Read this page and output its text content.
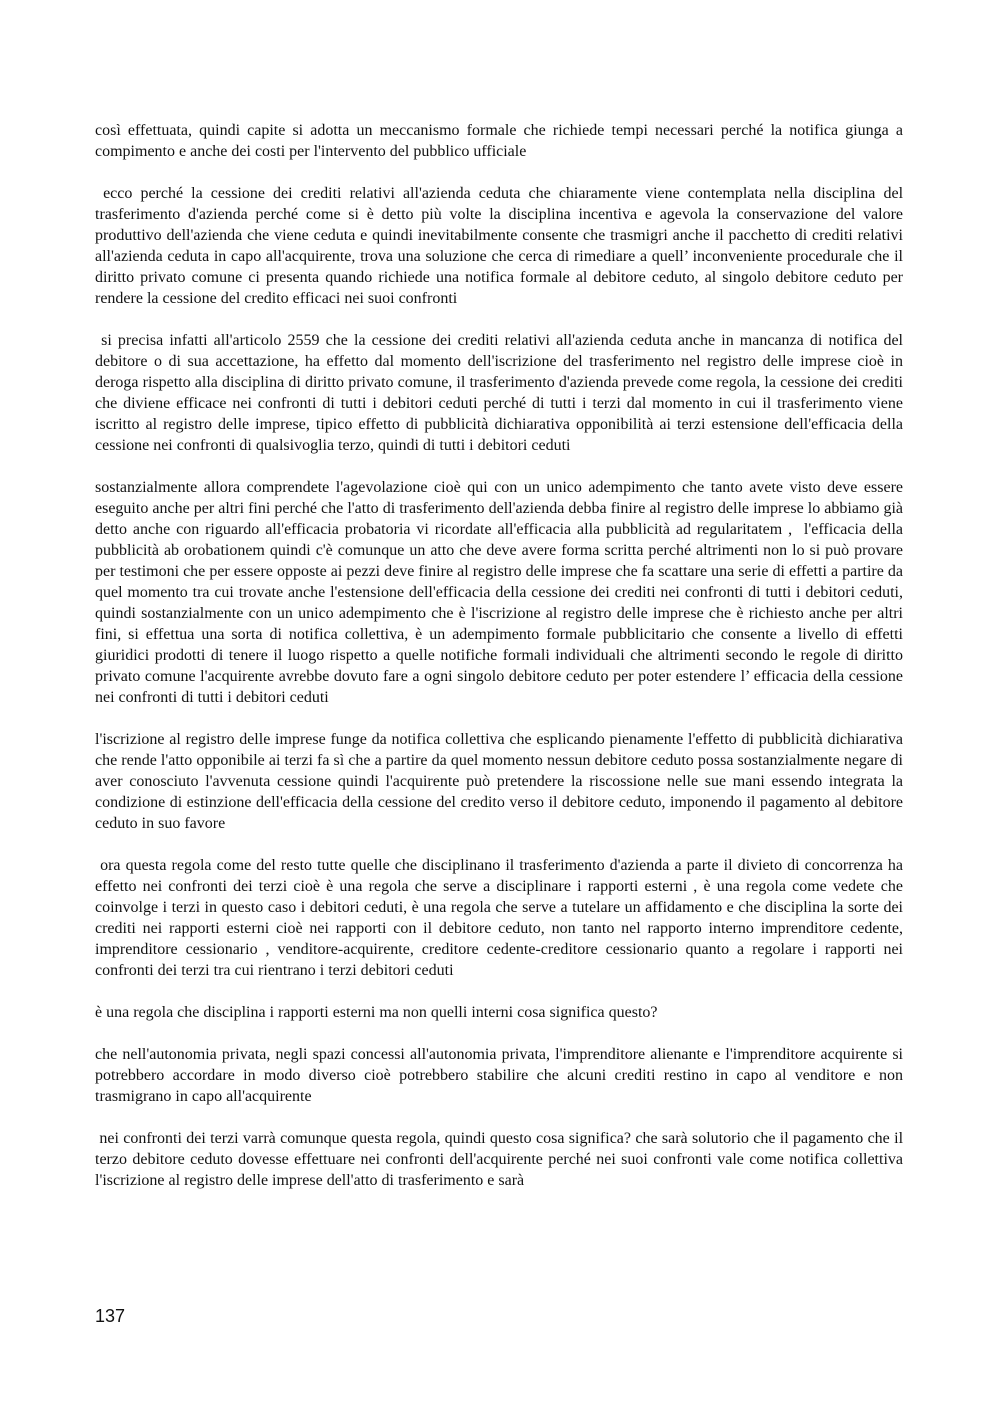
così effettuata, quindi capite si adotta un meccanismo formale che richiede tempi necessari perché la notifica giunga a compimento e anche dei costi per l'intervento del pubblico ufficiale

ecco perché la cessione dei crediti relativi all'azienda ceduta che chiaramente viene contemplata nella disciplina del trasferimento d'azienda perché come si è detto più volte la disciplina incentiva e agevola la conservazione del valore produttivo dell'azienda che viene ceduta e quindi inevitabilmente consente che trasmigri anche il pacchetto di crediti relativi all'azienda ceduta in capo all'acquirente, trova una soluzione che cerca di rimediare a quell’ inconveniente procedurale che il diritto privato comune ci presenta quando richiede una notifica formale al debitore ceduto, al singolo debitore ceduto per rendere la cessione del credito efficaci nei suoi confronti

si precisa infatti all'articolo 2559 che la cessione dei crediti relativi all'azienda ceduta anche in mancanza di notifica del debitore o di sua accettazione, ha effetto dal momento dell'iscrizione del trasferimento nel registro delle imprese cioè in deroga rispetto alla disciplina di diritto privato comune, il trasferimento d'azienda prevede come regola, la cessione dei crediti che diviene efficace nei confronti di tutti i debitori ceduti perché di tutti i terzi dal momento in cui il trasferimento viene iscritto al registro delle imprese, tipico effetto di pubblicità dichiarativa opponibilità ai terzi estensione dell'efficacia della cessione nei confronti di qualsivoglia terzo, quindi di tutti i debitori ceduti

sostanzialmente allora comprendete l'agevolazione cioè qui con un unico adempimento che tanto avete visto deve essere eseguito anche per altri fini perché che l'atto di trasferimento dell'azienda debba finire al registro delle imprese lo abbiamo già detto anche con riguardo all'efficacia probatoria vi ricordate all'efficacia alla pubblicità ad regularitatem ,  l'efficacia della pubblicità ab orobationem quindi c'è comunque un atto che deve avere forma scritta perché altrimenti non lo si può provare per testimoni che per essere opposte ai pezzi deve finire al registro delle imprese che fa scattare una serie di effetti a partire da quel momento tra cui trovate anche l'estensione dell'efficacia della cessione dei crediti nei confronti di tutti i debitori ceduti, quindi sostanzialmente con un unico adempimento che è l'iscrizione al registro delle imprese che è richiesto anche per altri fini, si effettua una sorta di notifica collettiva, è un adempimento formale pubblicitario che consente a livello di effetti giuridici prodotti di tenere il luogo rispetto a quelle notifiche formali individuali che altrimenti secondo le regole di diritto privato comune l'acquirente avrebbe dovuto fare a ogni singolo debitore ceduto per poter estendere l’ efficacia della cessione nei confronti di tutti i debitori ceduti

l'iscrizione al registro delle imprese funge da notifica collettiva che esplicando pienamente l'effetto di pubblicità dichiarativa che rende l'atto opponibile ai terzi fa sì che a partire da quel momento nessun debitore ceduto possa sostanzialmente negare di aver conosciuto l'avvenuta cessione quindi l'acquirente può pretendere la riscossione nelle sue mani essendo integrata la condizione di estinzione dell'efficacia della cessione del credito verso il debitore ceduto, imponendo il pagamento al debitore ceduto in suo favore

ora questa regola come del resto tutte quelle che disciplinano il trasferimento d'azienda a parte il divieto di concorrenza ha effetto nei confronti dei terzi cioè è una regola che serve a disciplinare i rapporti esterni , è una regola come vedete che coinvolge i terzi in questo caso i debitori ceduti, è una regola che serve a tutelare un affidamento e che disciplina la sorte dei crediti nei rapporti esterni cioè nei rapporti con il debitore ceduto, non tanto nel rapporto interno imprenditore cedente, imprenditore cessionario , venditore-acquirente, creditore cedente-creditore cessionario quanto a regolare i rapporti nei confronti dei terzi tra cui rientrano i terzi debitori ceduti

è una regola che disciplina i rapporti esterni ma non quelli interni cosa significa questo?

che nell'autonomia privata, negli spazi concessi all'autonomia privata, l'imprenditore alienante e l'imprenditore acquirente si potrebbero accordare in modo diverso cioè potrebbero stabilire che alcuni crediti restino in capo al venditore e non trasmigrano in capo all'acquirente

nei confronti dei terzi varrà comunque questa regola, quindi questo cosa significa? che sarà solutorio che il pagamento che il terzo debitore ceduto dovesse effettuare nei confronti dell'acquirente perché nei suoi confronti vale come notifica collettiva l'iscrizione al registro delle imprese dell'atto di trasferimento e sarà

137
